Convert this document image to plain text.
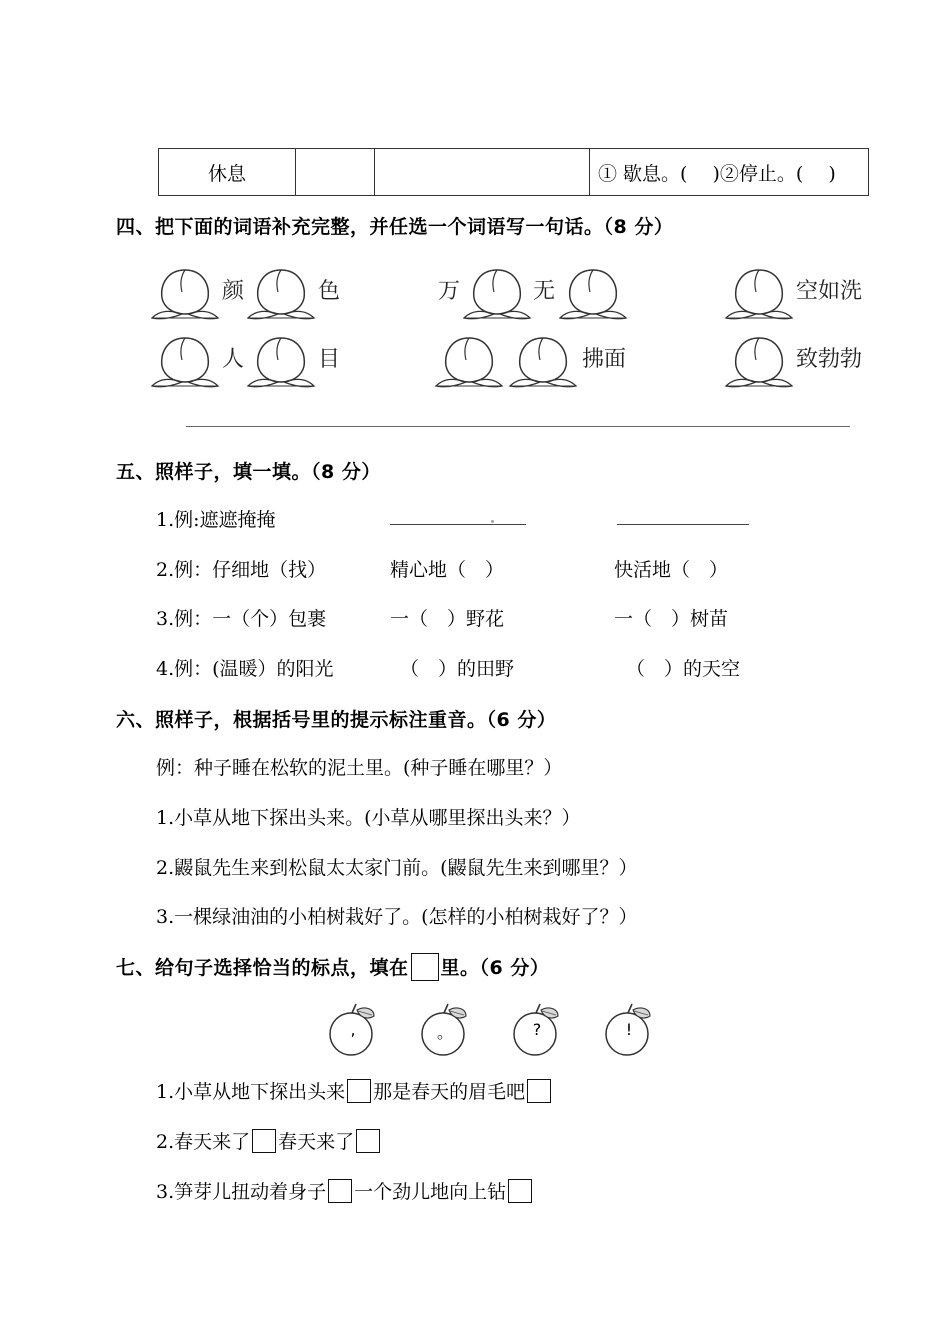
休息			① 歇息。(　 )②停止。(　 )
四、把下面的词语补充完整，并任选一个词语写一句话。（8 分）
颜	色	万	无	空如洗
人	目	拂面	致勃勃
五、照样子，填一填。（8 分）
1.例:遮遮掩掩
2.例：仔细地（找）	精心地（　）	快活地（　）
3.例：一（个）包裹	一（　）野花	一（　）树苗
4.例：(温暖）的阳光	（　）的田野	（　）的天空
六、照样子，根据括号里的提示标注重音。（6 分）
例：种子睡在松软的泥土里。(种子睡在哪里？）
1.小草从地下探出头来。(小草从哪里探出头来？）
2.鼹鼠先生来到松鼠太太家门前。(鼹鼠先生来到哪里？）
3.一棵绿油油的小柏树栽好了。(怎样的小柏树栽好了？）
七、给句子选择恰当的标点，填在 里。（6 分）
,	。	?	!
1.小草从地下探出头来 那是春天的眉毛吧
2.春天来了 春天来了
3.笋芽儿扭动着身子 一个劲儿地向上钻
